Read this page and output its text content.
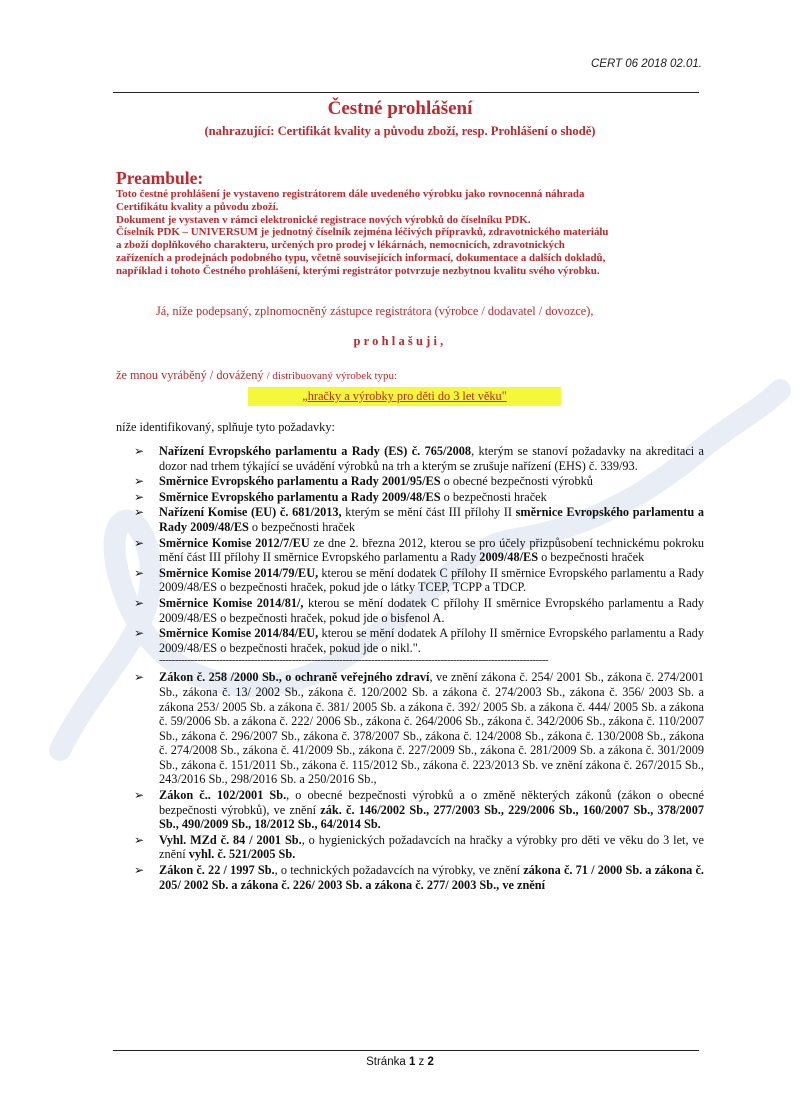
CERT 06 2018 02.01.
Čestné prohlášení
(nahrazující: Certifikát kvality a původu zboží, resp. Prohlášení o shodě)
Preambule:
Toto čestné prohlášení je vystaveno registrátorem dále uvedeného výrobku jako rovnocenná náhrada
Certifikátu kvality a původu zboží.
Dokument je vystaven v rámci elektronické registrace nových výrobků do číselníku PDK.
Číselník PDK – UNIVERSUM je jednotný číselník zejména léčivých přípravků, zdravotnického materiálu
a zboží doplňkového charakteru, určených pro prodej v lékárnách, nemocnicích, zdravotnických
zařízeních a prodejnách podobného typu, včetně souvisejících informací, dokumentace a dalších dokladů,
například i tohoto Čestného prohlášení, kterými registrátor potvrzuje nezbytnou kvalitu svého výrobku.
Já, níže podepsaný, zplnomocněný zástupce registrátora (výrobce / dodavatel / dovozce),
prohlašuji,
že mnou vyráběný / dovážený / distribuovaný výrobek typu:
„hračky a výrobky pro děti do 3 let věku"
níže identifikovaný, splňuje tyto požadavky:
➢ Nařízení Evropského parlamentu a Rady (ES) č. 765/2008, kterým se stanoví požadavky na akreditaci a dozor nad trhem týkající se uvádění výrobků na trh a kterým se zrušuje nařízení (EHS) č. 339/93.
➢ Směrnice Evropského parlamentu a Rady 2001/95/ES o obecné bezpečnosti výrobků
➢ Směrnice Evropského parlamentu a Rady 2009/48/ES o bezpečnosti hraček
➢ Nařízení Komise (EU) č. 681/2013, kterým se mění část III přílohy II směrnice Evropského parlamentu a Rady 2009/48/ES o bezpečnosti hraček
➢ Směrnice Komise 2012/7/EU ze dne 2. března 2012, kterou se pro účely přizpůsobení technickému pokroku mění část III přílohy II směrnice Evropského parlamentu a Rady 2009/48/ES o bezpečnosti hraček
➢ Směrnice Komise 2014/79/EU, kterou se mění dodatek C přílohy II směrnice Evropského parlamentu a Rady 2009/48/ES o bezpečnosti hraček, pokud jde o látky TCEP, TCPP a TDCP.
➢ Směrnice Komise 2014/81/, kterou se mění dodatek C přílohy II směrnice Evropského parlamentu a Rady 2009/48/ES o bezpečnosti hraček, pokud jde o bisfenol A.
➢ Směrnice Komise 2014/84/EU, kterou se mění dodatek A přílohy II směrnice Evropského parlamentu a Rady 2009/48/ES o bezpečnosti hraček, pokud jde o nikl.".
---------------------------------------------------------------------------------------------------------------------------
➢ Zákon č. 258 /2000 Sb., o ochraně veřejného zdraví, ve znění zákona č. 254/ 2001 Sb., zákona č. 274/2001 Sb., zákona č. 13/ 2002 Sb., zákona č. 120/2002 Sb. a zákona č. 274/2003 Sb., zákona č. 356/ 2003 Sb. a zákona 253/ 2005 Sb. a zákona č. 381/ 2005 Sb. a zákona č. 392/ 2005 Sb. a zákona č. 444/ 2005 Sb. a zákona č. 59/2006 Sb. a zákona č. 222/ 2006 Sb., zákona č. 264/2006 Sb., zákona č. 342/2006 Sb., zákona č. 110/2007 Sb., zákona č. 296/2007 Sb., zákona č. 378/2007 Sb., zákona č. 124/2008 Sb., zákona č. 130/2008 Sb., zákona č. 274/2008 Sb., zákona č. 41/2009 Sb., zákona č. 227/2009 Sb., zákona č. 281/2009 Sb. a zákona č. 301/2009 Sb., zákona č. 151/2011 Sb., zákona č. 115/2012 Sb., zákona č. 223/2013 Sb. ve znění zákona č. 267/2015 Sb., 243/2016 Sb., 298/2016 Sb. a 250/2016 Sb.,
➢ Zákon č.. 102/2001 Sb., o obecné bezpečnosti výrobků a o změně některých zákonů (zákon o obecné bezpečnosti výrobků), ve znění zák. č. 146/2002 Sb., 277/2003 Sb., 229/2006 Sb., 160/2007 Sb., 378/2007 Sb., 490/2009 Sb., 18/2012 Sb., 64/2014 Sb.
➢ Vyhl. MZd č. 84 / 2001 Sb., o hygienických požadavcích na hračky a výrobky pro děti ve věku do 3 let, ve znění vyhl. č. 521/2005 Sb.
➢ Zákon č. 22 / 1997 Sb., o technických požadavcích na výrobky, ve znění zákona č. 71 / 2000 Sb. a zákona č. 205/ 2002 Sb. a zákona č. 226/ 2003 Sb. a zákona č. 277/ 2003 Sb., ve znění
Stránka 1 z 2
